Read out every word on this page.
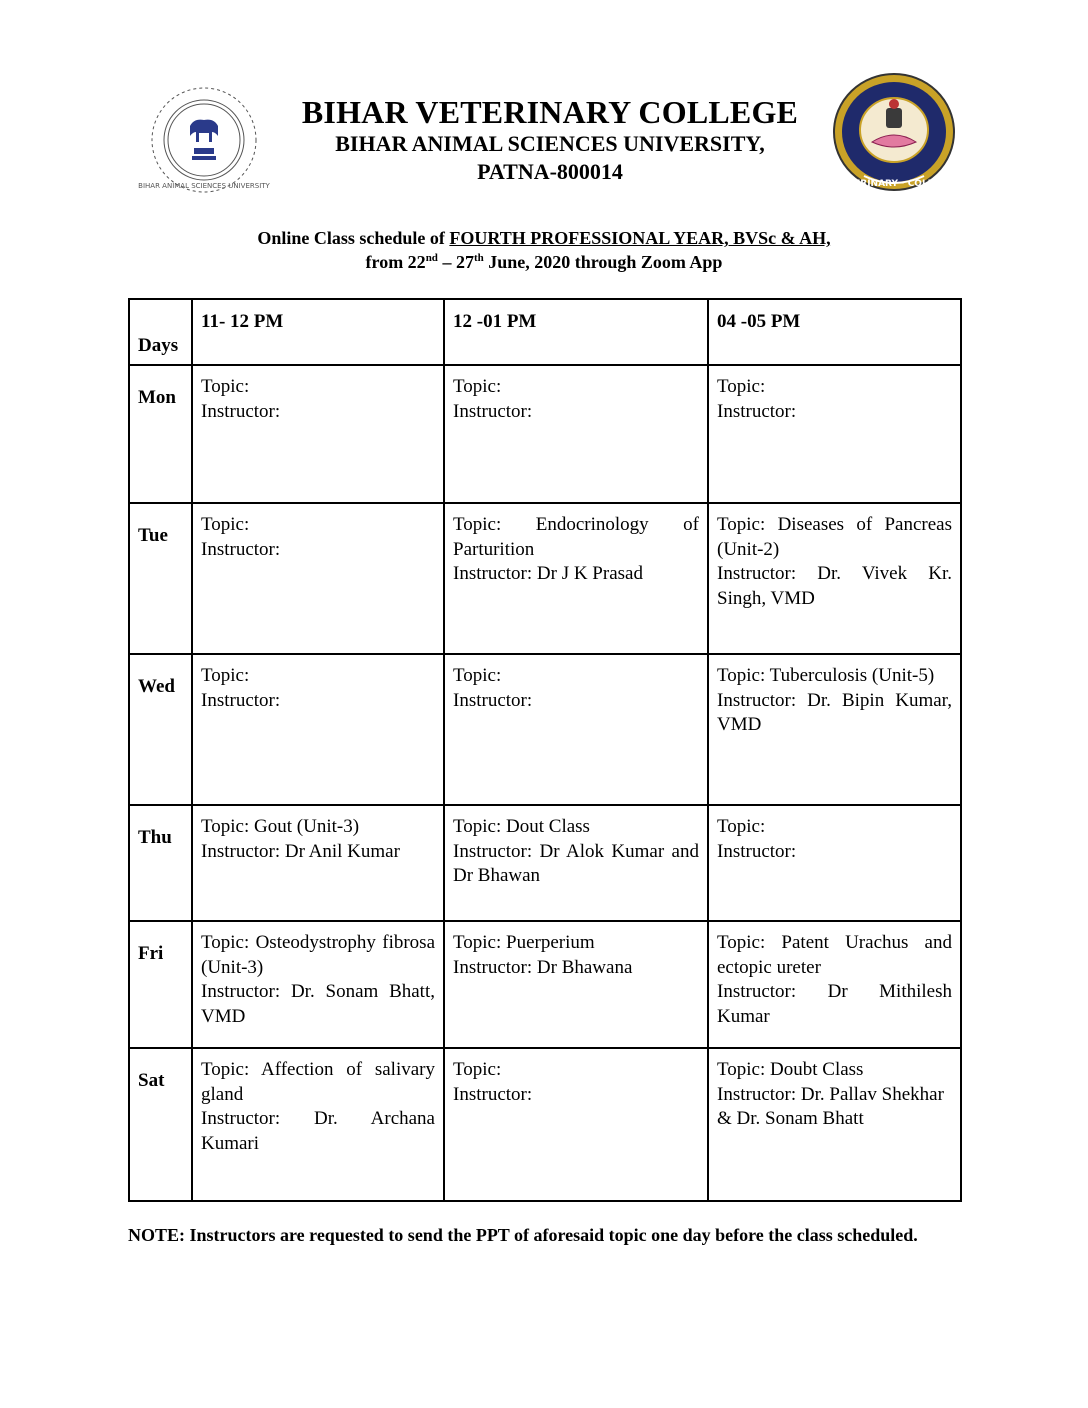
BIHAR ANIMAL SCIENCES UNIVERSITY	VETERINARY · COLLEGE
BIHAR VETERINARY COLLEGE
BIHAR ANIMAL SCIENCES UNIVERSITY,
PATNA-800014
Online Class schedule of FOURTH PROFESSIONAL YEAR, BVSc & AH,
from 22nd – 27th June, 2020 through Zoom App
Days	11- 12 PM	12 -01 PM	04 -05 PM
Mon	Topic:
Instructor:	Topic:
Instructor:	Topic:
Instructor:

Tue	Topic:
Instructor:	Topic: Endocrinology of Parturition
Instructor: Dr J K Prasad	Topic: Diseases of Pancreas (Unit-2)
Instructor: Dr. Vivek Kr. Singh, VMD

Wed	Topic:
Instructor:	Topic:
Instructor:	Topic: Tuberculosis (Unit-5)
Instructor: Dr. Bipin Kumar, VMD

Thu	Topic: Gout (Unit-3)
Instructor: Dr Anil Kumar	Topic: Dout Class
Instructor: Dr Alok Kumar and Dr Bhawan	Topic:
Instructor:

Fri	Topic: Osteodystrophy fibrosa (Unit-3)
Instructor: Dr. Sonam Bhatt, VMD	Topic: Puerperium
Instructor: Dr Bhawana	Topic: Patent Urachus and ectopic ureter
Instructor: Dr Mithilesh Kumar

Sat	Topic: Affection of salivary gland
Instructor: Dr. Archana Kumari	Topic:
Instructor:	Topic: Doubt Class
Instructor: Dr. Pallav Shekhar
& Dr. Sonam Bhatt
NOTE: Instructors are requested to send the PPT of aforesaid topic one day before the class scheduled.
